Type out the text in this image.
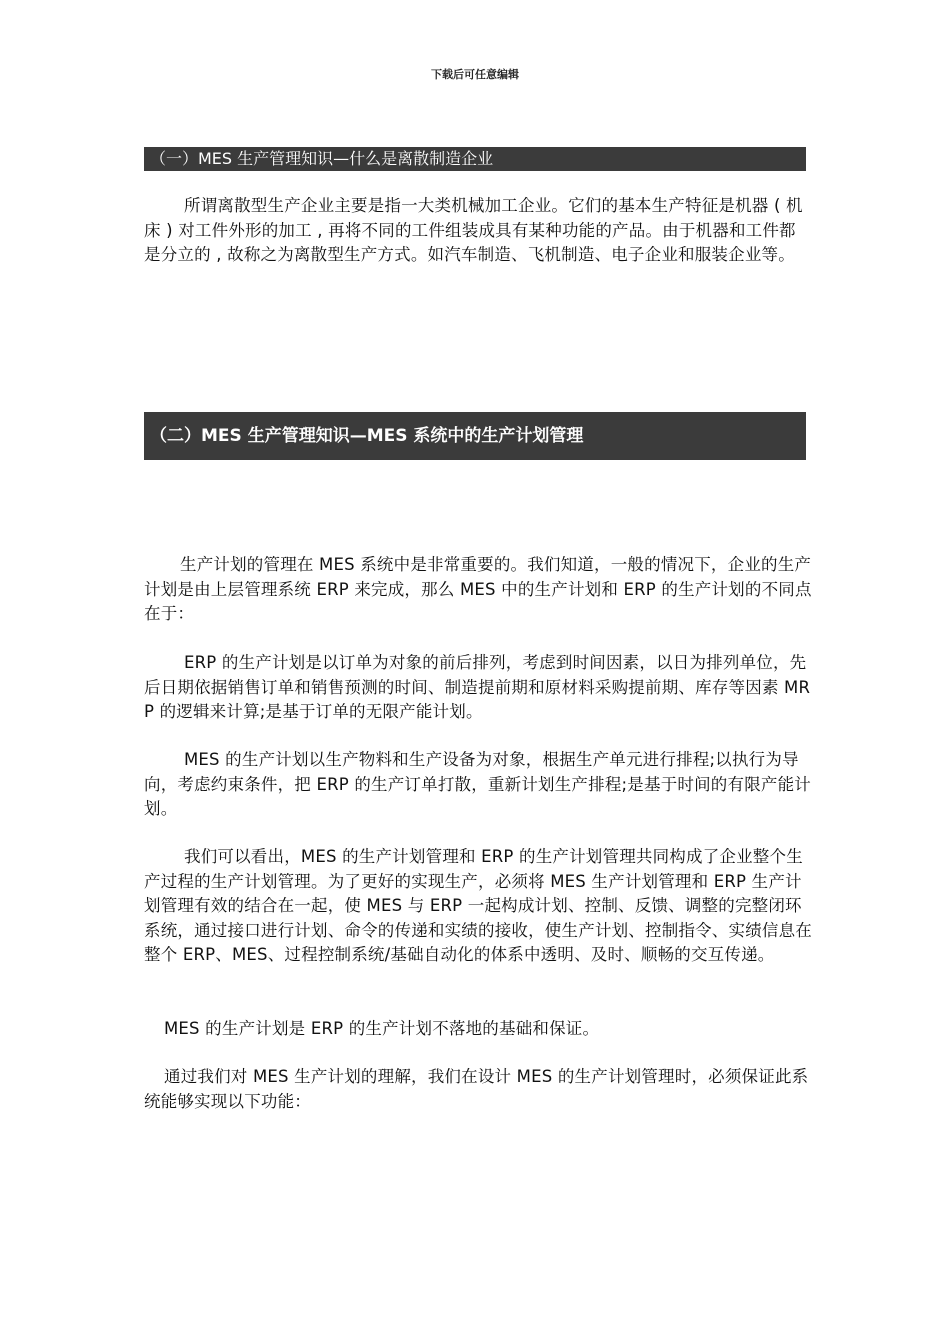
下载后可任意编辑
（一）MES 生产管理知识—什么是离散制造企业

所谓离散型生产企业主要是指一大类机械加工企业。它们的基本生产特征是机器 ( 机床 ) 对工件外形的加工 , 再将不同的工件组装成具有某种功能的产品。由于机器和工件都是分立的 , 故称之为离散型生产方式。如汽车制造、飞机制造、电子企业和服装企业等。

（二）MES 生产管理知识—MES 系统中的生产计划管理

生产计划的管理在 MES 系统中是非常重要的。我们知道，一般的情况下，企业的生产计划是由上层管理系统 ERP 来完成，那么 MES 中的生产计划和 ERP 的生产计划的不同点在于：

ERP 的生产计划是以订单为对象的前后排列，考虑到时间因素，以日为排列单位，先后日期依据销售订单和销售预测的时间、制造提前期和原材料采购提前期、库存等因素 MRP 的逻辑来计算;是基于订单的无限产能计划。

MES 的生产计划以生产物料和生产设备为对象，根据生产单元进行排程;以执行为导向，考虑约束条件，把 ERP 的生产订单打散，重新计划生产排程;是基于时间的有限产能计划。

我们可以看出，MES 的生产计划管理和 ERP 的生产计划管理共同构成了企业整个生产过程的生产计划管理。为了更好的实现生产，必须将 MES 生产计划管理和 ERP 生产计划管理有效的结合在一起，使 MES 与 ERP 一起构成计划、控制、反馈、调整的完整闭环系统，通过接口进行计划、命令的传递和实绩的接收，使生产计划、控制指令、实绩信息在整个 ERP、MES、过程控制系统/基础自动化的体系中透明、及时、顺畅的交互传递。

MES 的生产计划是 ERP 的生产计划不落地的基础和保证。

通过我们对 MES 生产计划的理解，我们在设计 MES 的生产计划管理时，必须保证此系统能够实现以下功能：
